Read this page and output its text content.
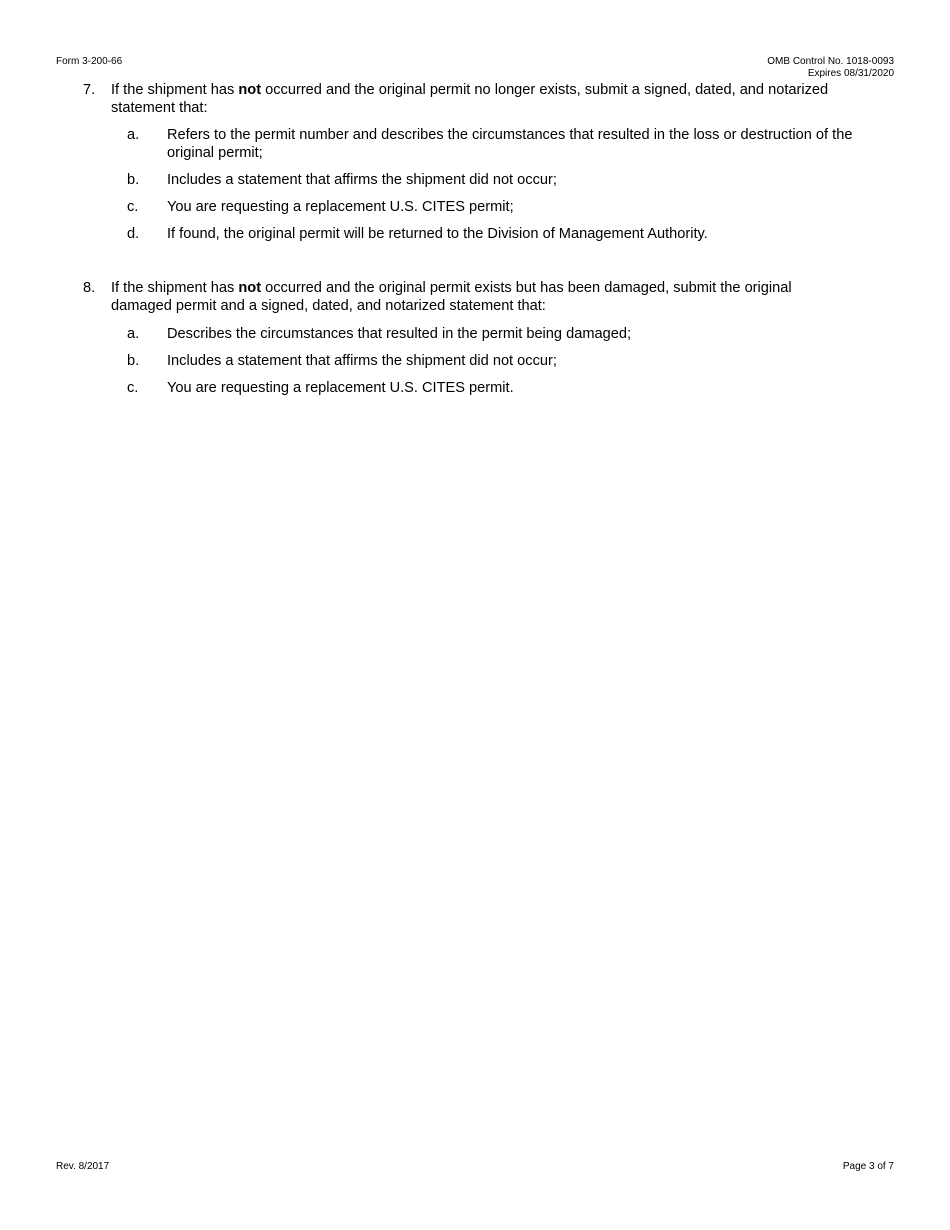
Form 3-200-66	OMB Control No. 1018-0093
Expires 08/31/2020
7.	If the shipment has not occurred and the original permit no longer exists, submit a signed, dated, and notarized statement that:
a.	Refers to the permit number and describes the circumstances that resulted in the loss or destruction of the original permit;
b.	Includes a statement that affirms the shipment did not occur;
c.	You are requesting a replacement U.S. CITES permit;
d.	If found, the original permit will be returned to the Division of Management Authority.
8.	If the shipment has not occurred and the original permit exists but has been damaged, submit the original damaged permit and a signed, dated, and notarized statement that:
a.	Describes the circumstances that resulted in the permit being damaged;
b.	Includes a statement that affirms the shipment did not occur;
c.	You are requesting a replacement U.S. CITES permit.
Rev. 8/2017	Page 3 of 7
